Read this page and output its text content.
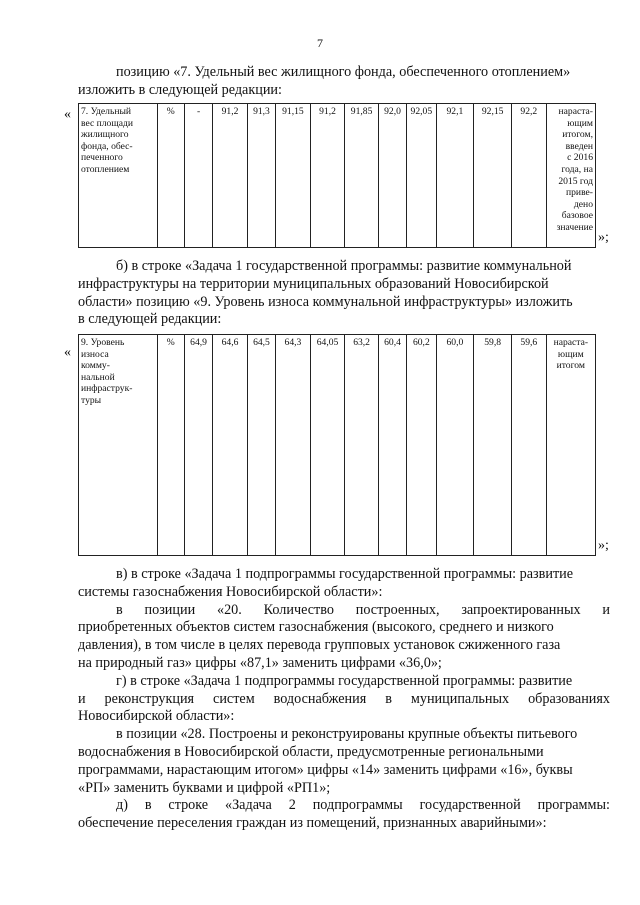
7
позицию «7. Удельный вес жилищного фонда, обеспеченного отоплением»
изложить в следующей редакции:
« 7. Удельный
вес площади
жилищного
фонда, обес-
печенного
отоплением
	%	-	91,2	91,3	91,15	91,2	91,85	92,0	92,05	92,1	92,15	92,2	нараста-
ющим
итогом,
введен
с 2016
года, на
2015 год
приве-
дено
базовое
значение
»;
б) в строке «Задача 1 государственной программы: развитие коммунальной
инфраструктуры на территории муниципальных образований Новосибирской
области» позицию «9. Уровень износа коммунальной инфраструктуры» изложить
в следующей редакции:
«
9. Уровень
износа
комму-
нальной
инфраструк-
туры
	%	64,9	64,6	64,5	64,3	64,05	63,2	60,4	60,2	60,0	59,8	59,6	нараста-
ющим
итогом
»;
в) в строке «Задача 1 подпрограммы государственной программы: развитие
системы газоснабжения Новосибирской области»:
в позиции «20. Количество построенных, запроектированных и
приобретенных объектов систем газоснабжения (высокого, среднего и низкого
давления), в том числе в целях перевода групповых установок сжиженного газа
на природный газ» цифры «87,1» заменить цифрами «36,0»;
г) в строке «Задача 1 подпрограммы государственной программы: развитие
и реконструкция систем водоснабжения в муниципальных образованиях
Новосибирской области»:
в позиции «28. Построены и реконструированы крупные объекты питьевого
водоснабжения в Новосибирской области, предусмотренные региональными
программами, нарастающим итогом» цифры «14» заменить цифрами «16», буквы
«РП» заменить буквами и цифрой «РП1»;
д) в строке «Задача 2 подпрограммы государственной программы:
обеспечение переселения граждан из помещений, признанных аварийными»:
